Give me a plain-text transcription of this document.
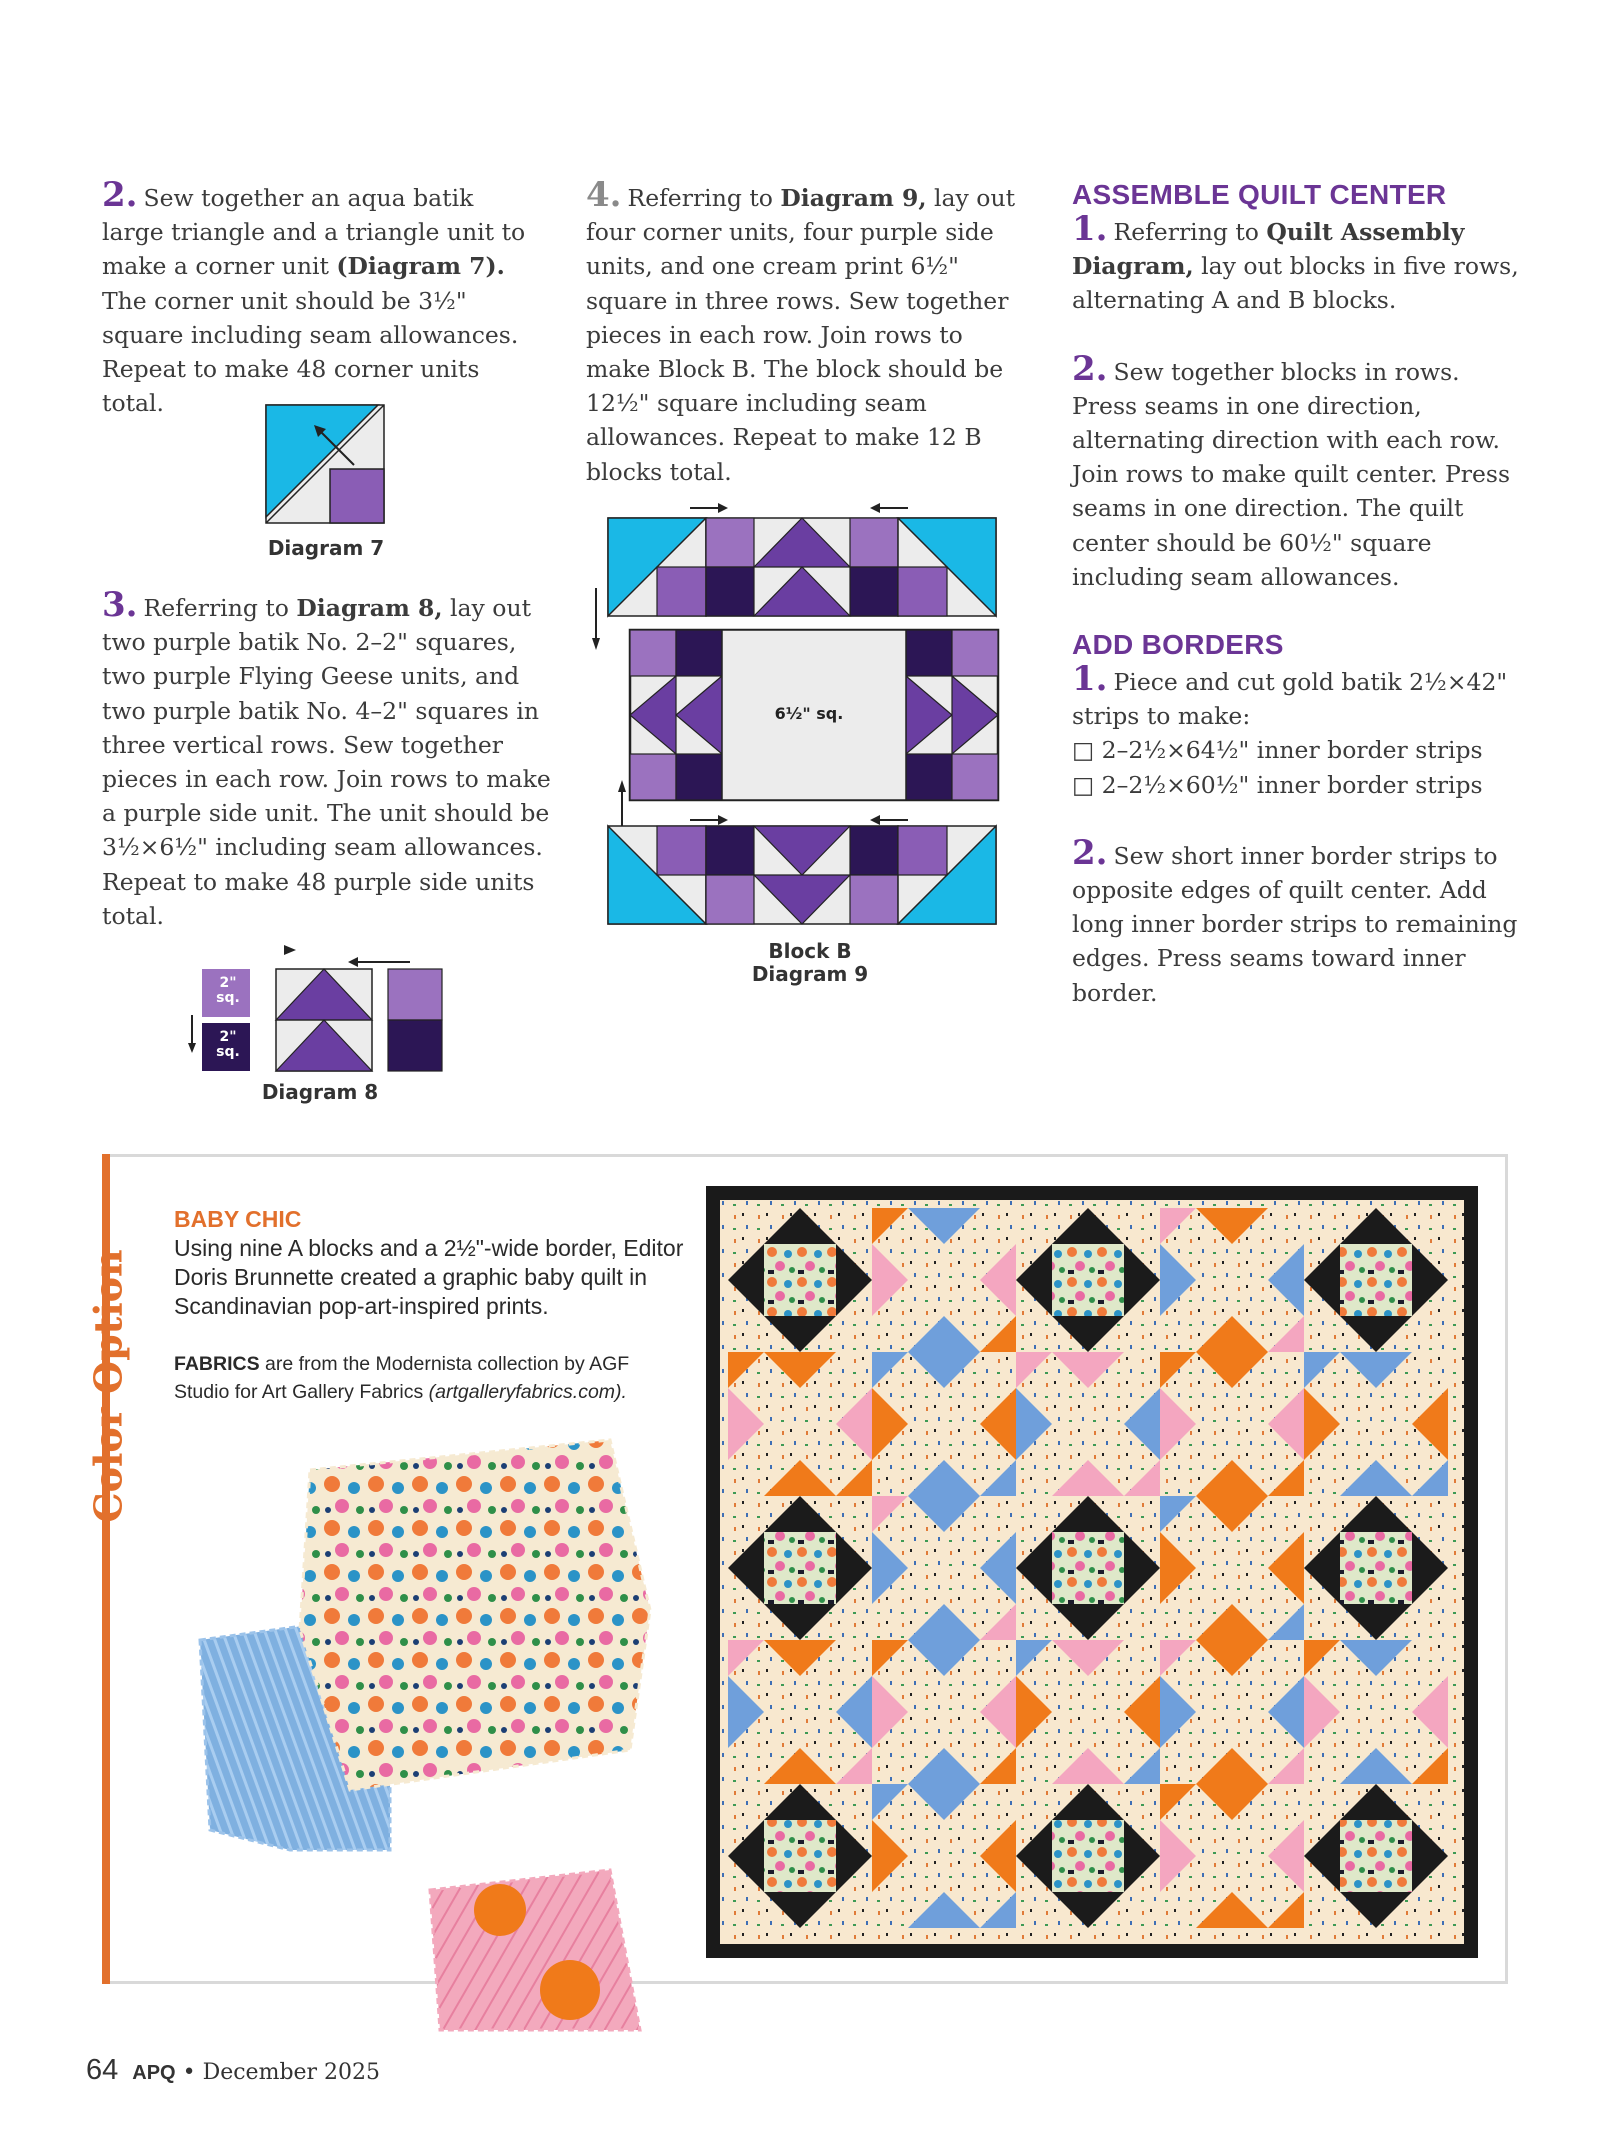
2. Sew together an aqua batik large triangle and a triangle unit to make a corner unit (Diagram 7). The corner unit should be 3½" square including seam allowances. Repeat to make 48 corner units total.

Diagram 7

3. Referring to Diagram 8, lay out two purple batik No. 2–2" squares, two purple Flying Geese units, and two purple batik No. 4–2" squares in three vertical rows. Sew together pieces in each row. Join rows to make a purple side unit. The unit should be 3½×6½" including seam allowances. Repeat to make 48 purple side units total.

2" sq.
2" sq.
Diagram 8

4. Referring to Diagram 9, lay out four corner units, four purple side units, and one cream print 6½" square in three rows. Sew together pieces in each row. Join rows to make Block B. The block should be 12½" square including seam allowances. Repeat to make 12 B blocks total.

6½" sq.
Block B
Diagram 9

ASSEMBLE QUILT CENTER

1. Referring to Quilt Assembly Diagram, lay out blocks in five rows, alternating A and B blocks.

2. Sew together blocks in rows. Press seams in one direction, alternating direction with each row. Join rows to make quilt center. Press seams in one direction. The quilt center should be 60½" square including seam allowances.

ADD BORDERS

1. Piece and cut gold batik 2½×42" strips to make:

□ 2–2½×64½" inner border strips

□ 2–2½×60½" inner border strips

2. Sew short inner border strips to opposite edges of quilt center. Add long inner border strips to remaining edges. Press seams toward inner border.

Color Option
BABY CHIC
Using nine A blocks and a 2½"-wide border, Editor Doris Brunnette created a graphic baby quilt in Scandinavian pop-art-inspired prints.
FABRICS are from the Modernista collection by AGF Studio for Art Gallery Fabrics (artgalleryfabrics.com).
64 APQ • December 2025
